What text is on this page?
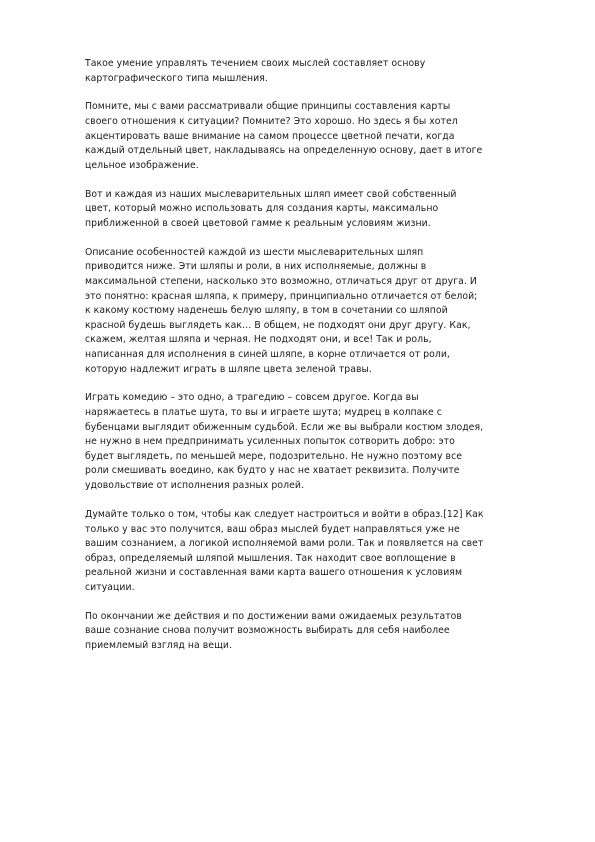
Такое умение управлять течением своих мыслей составляет основу
картографического типа мышления.

Помните, мы с вами рассматривали общие принципы составления карты
своего отношения к ситуации? Помните? Это хорошо. Но здесь я бы хотел
акцентировать ваше внимание на самом процессе цветной печати, когда
каждый отдельный цвет, накладываясь на определенную основу, дает в итоге
цельное изображение.

Вот и каждая из наших мыслеварительных шляп имеет свой собственный
цвет, который можно использовать для создания карты, максимально
приближенной в своей цветовой гамме к реальным условиям жизни.

Описание особенностей каждой из шести мыслеварительных шляп
приводится ниже. Эти шляпы и роли, в них исполняемые, должны в
максимальной степени, насколько это возможно, отличаться друг от друга. И
это понятно: красная шляпа, к примеру, принципиально отличается от белой;
к какому костюму наденешь белую шляпу, в том в сочетании со шляпой
красной будешь выглядеть как… В общем, не подходят они друг другу. Как,
скажем, желтая шляпа и черная. Не подходят они, и все! Так и роль,
написанная для исполнения в синей шляпе, в корне отличается от роли,
которую надлежит играть в шляпе цвета зеленой травы.

Играть комедию – это одно, а трагедию – совсем другое. Когда вы
наряжаетесь в платье шута, то вы и играете шута; мудрец в колпаке с
бубенцами выглядит обиженным судьбой. Если же вы выбрали костюм злодея,
не нужно в нем предпринимать усиленных попыток сотворить добро: это
будет выглядеть, по меньшей мере, подозрительно. Не нужно поэтому все
роли смешивать воедино, как будто у нас не хватает реквизита. Получите
удовольствие от исполнения разных ролей.

Думайте только о том, чтобы как следует настроиться и войти в образ.[12] Как
только у вас это получится, ваш образ мыслей будет направляться уже не
вашим сознанием, а логикой исполняемой вами роли. Так и появляется на свет
образ, определяемый шляпой мышления. Так находит свое воплощение в
реальной жизни и составленная вами карта вашего отношения к условиям
ситуации.

По окончании же действия и по достижении вами ожидаемых результатов
ваше сознание снова получит возможность выбирать для себя наиболее
приемлемый взгляд на вещи.
